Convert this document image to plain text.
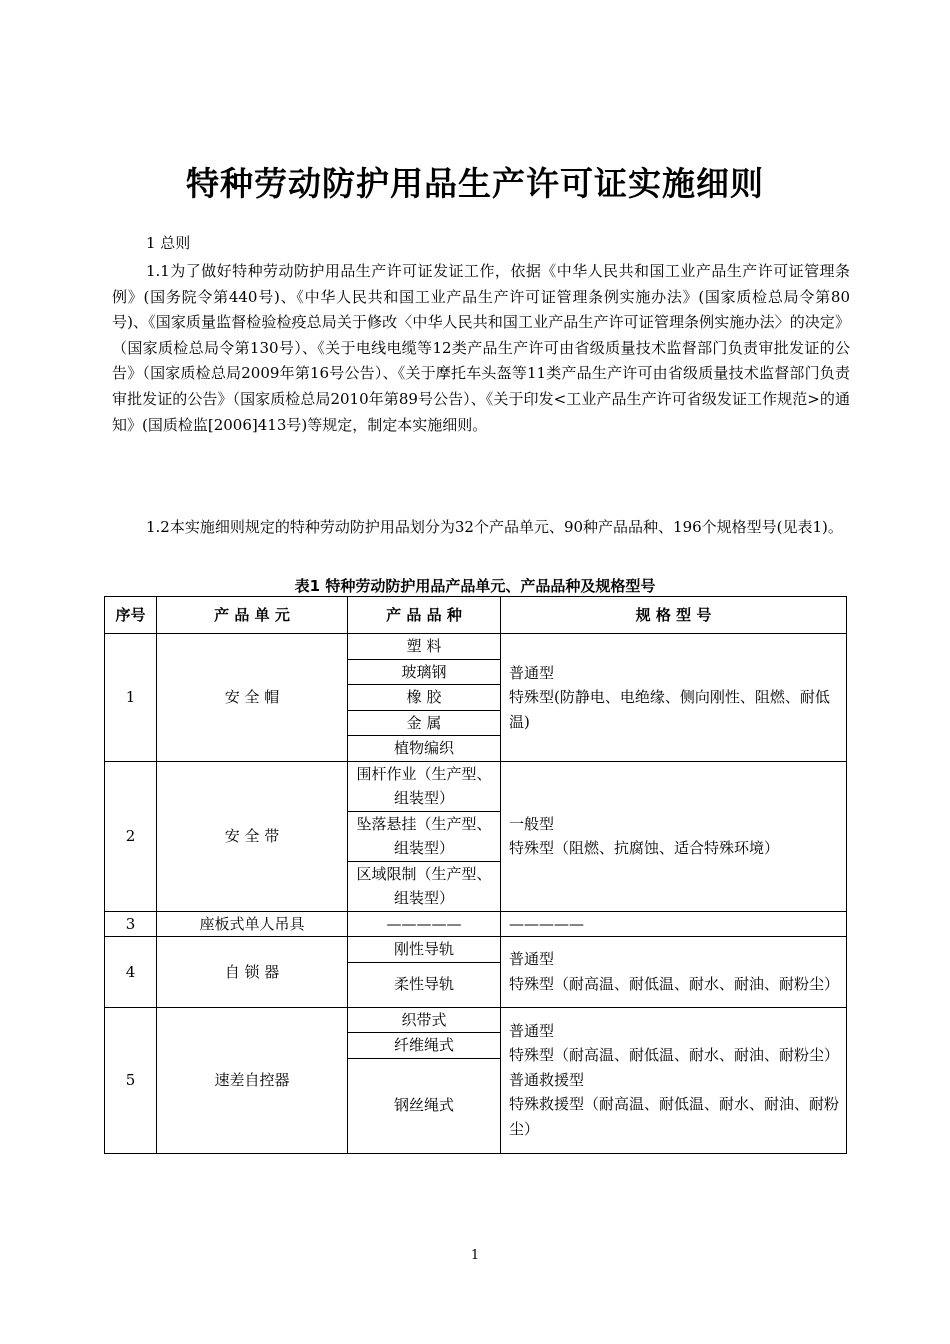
特种劳动防护用品生产许可证实施细则
1 总则

1.1为了做好特种劳动防护用品生产许可证发证工作，依据《中华人民共和国工业产品生产许可证管理条例》(国务院令第440号)、《中华人民共和国工业产品生产许可证管理条例实施办法》(国家质检总局令第80号)、《国家质量监督检验检疫总局关于修改〈中华人民共和国工业产品生产许可证管理条例实施办法〉的决定》（国家质检总局令第130号）、《关于电线电缆等12类产品生产许可由省级质量技术监督部门负责审批发证的公告》（国家质检总局2009年第16号公告）、《关于摩托车头盔等11类产品生产许可由省级质量技术监督部门负责审批发证的公告》（国家质检总局2010年第89号公告）、《关于印发<工业产品生产许可省级发证工作规范>的通知》(国质检监[2006]413号)等规定，制定本实施细则。

1.2本实施细则规定的特种劳动防护用品划分为32个产品单元、90种产品品种、196个规格型号(见表1)。

表1 特种劳动防护用品产品单元、产品品种及规格型号
序号	产 品 单 元	产 品 品 种	规 格 型 号
1	安 全 帽	塑 料	普通型
特殊型(防静电、电绝缘、侧向刚性、阻燃、耐低温)

		玻璃钢	
		橡 胶	
		金 属	
		植物编织	
2	安 全 带	围杆作业（生产型、组装型）	一般型
特殊型（阻燃、抗腐蚀、适合特殊环境）

		坠落悬挂（生产型、组装型）	
		区域限制（生产型、组装型）	
3	座板式单人吊具	—————	—————
4	自 锁 器	刚性导轨	普通型
特殊型（耐高温、耐低温、耐水、耐油、耐粉尘）

		柔性导轨	
5	速差自控器	织带式	普通型
特殊型（耐高温、耐低温、耐水、耐油、耐粉尘）
普通救援型
特殊救援型（耐高温、耐低温、耐水、耐油、耐粉尘）

		纤维绳式	
		钢丝绳式	
1
